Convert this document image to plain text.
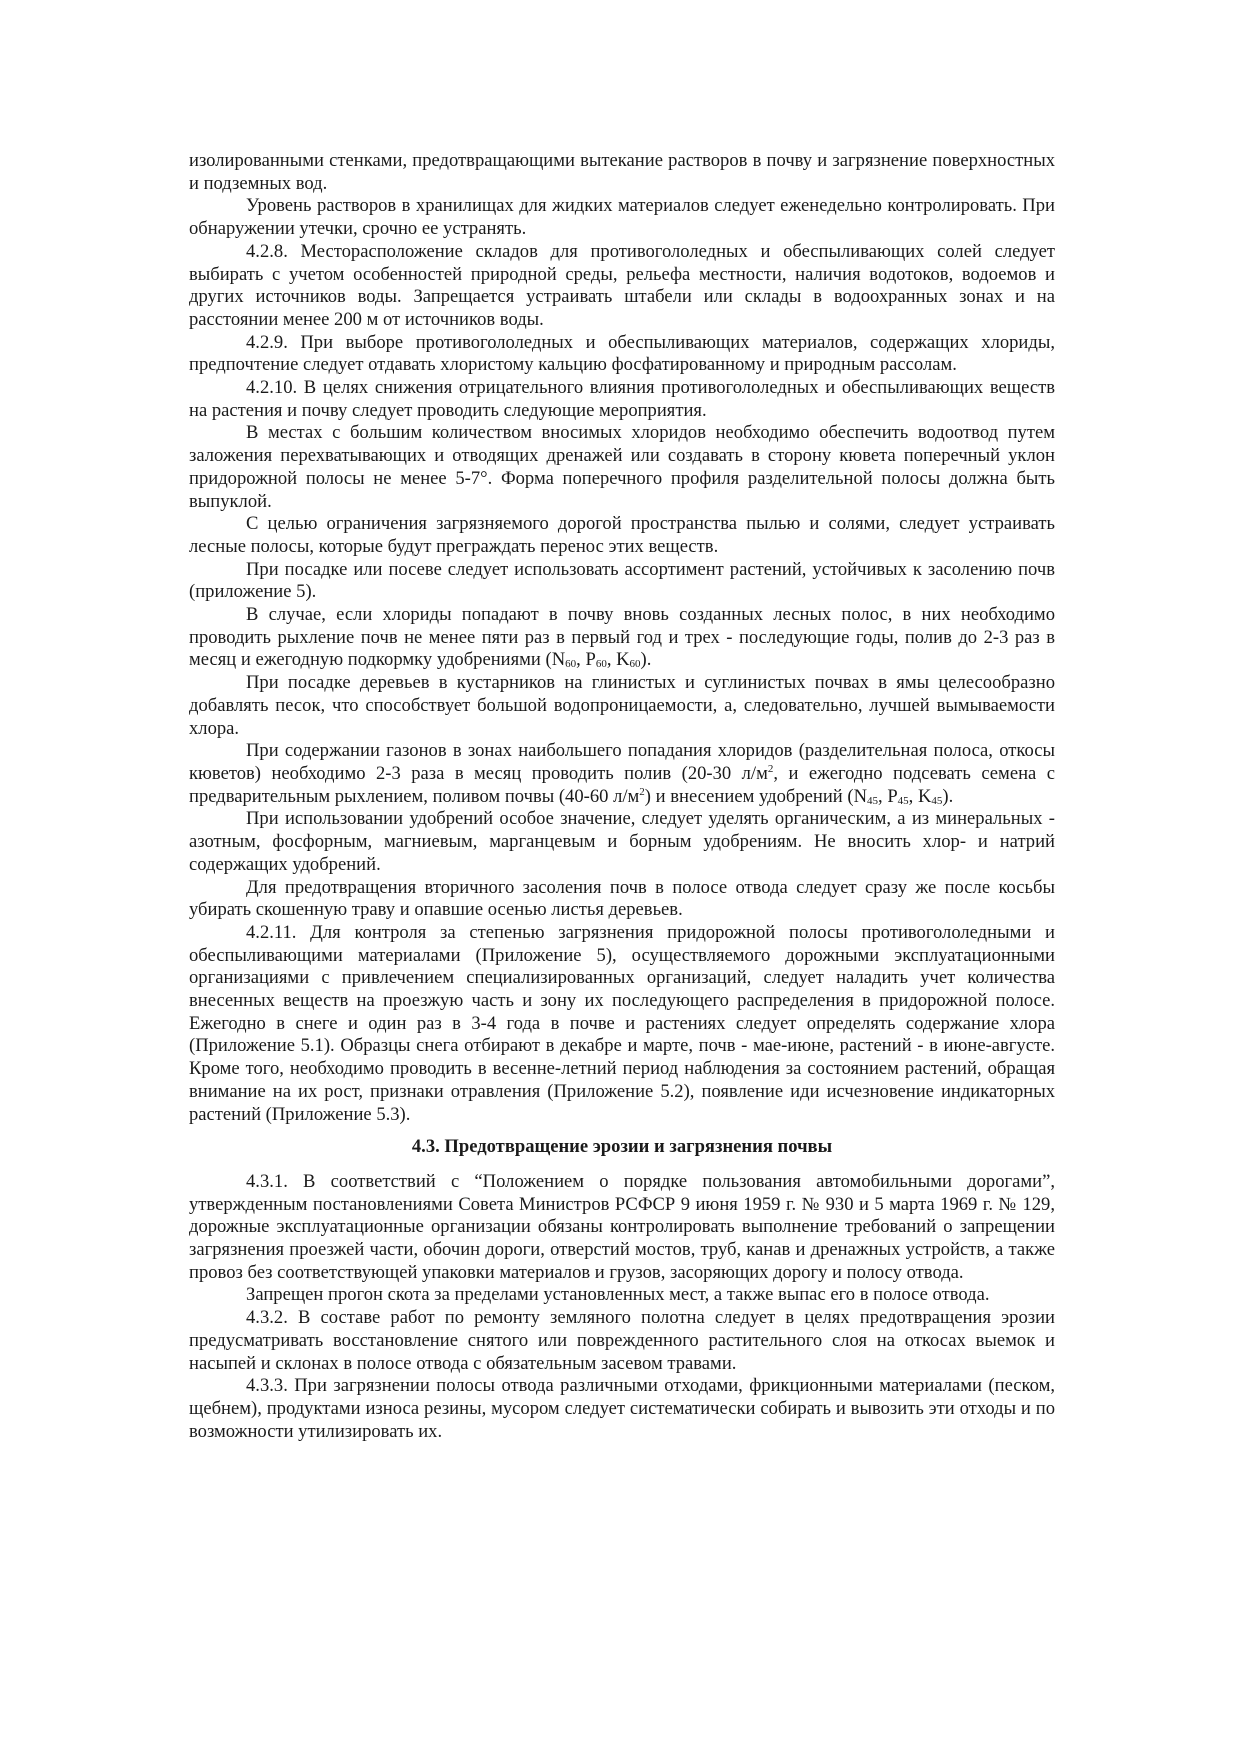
изолированными стенками, предотвращающими вытекание растворов в почву и загрязнение поверхностных и подземных вод.

Уровень растворов в хранилищах для жидких материалов следует еженедельно контролировать. При обнаружении утечки, срочно ее устранять.

4.2.8. Месторасположение складов для противогололедных и обеспыливающих солей следует выбирать с учетом особенностей природной среды, рельефа местности, наличия водотоков, водоемов и других источников воды. Запрещается устраивать штабели или склады в водоохранных зонах и на расстоянии менее 200 м от источников воды.

4.2.9. При выборе противогололедных и обеспыливающих материалов, содержащих хлориды, предпочтение следует отдавать хлористому кальцию фосфатированному и природным рассолам.

4.2.10. В целях снижения отрицательного влияния противогололедных и обеспыливающих веществ на растения и почву следует проводить следующие мероприятия.

В местах с большим количеством вносимых хлоридов необходимо обеспечить водоотвод путем заложения перехватывающих и отводящих дренажей или создавать в сторону кювета поперечный уклон придорожной полосы не менее 5-7°. Форма поперечного профиля разделительной полосы должна быть выпуклой.

С целью ограничения загрязняемого дорогой пространства пылью и солями, следует устраивать лесные полосы, которые будут преграждать перенос этих веществ.

При посадке или посеве следует использовать ассортимент растений, устойчивых к засолению почв (приложение 5).

В случае, если хлориды попадают в почву вновь созданных лесных полос, в них необходимо проводить рыхление почв не менее пяти раз в первый год и трех - последующие годы, полив до 2-3 раз в месяц и ежегодную подкормку удобрениями ($N_{60}$, $P_{60}$, $K_{60}$).

При посадке деревьев в кустарников на глинистых и суглинистых почвах в ямы целесообразно добавлять песок, что способствует большой водопроницаемости, а, следовательно, лучшей вымываемости хлора.

При содержании газонов в зонах наибольшего попадания хлоридов (разделительная полоса, откосы кюветов) необходимо 2-3 раза в месяц проводить полив (20-30 $л/м^2$, и ежегодно подсевать семена с предварительным рыхлением, поливом почвы (40-60 $л/м^2$) и внесением удобрений ($N_{45}$, $P_{45}$, $K_{45}$).

При использовании удобрений особое значение, следует уделять органическим, а из минеральных - азотным, фосфорным, магниевым, марганцевым и борным удобрениям. Не вносить хлор- и натрий содержащих удобрений.

Для предотвращения вторичного засоления почв в полосе отвода следует сразу же после косьбы убирать скошенную траву и опавшие осенью листья деревьев.

4.2.11. Для контроля за степенью загрязнения придорожной полосы противогололедными и обеспыливающими материалами (Приложение 5), осуществляемого дорожными эксплуатационными организациями с привлечением специализированных организаций, следует наладить учет количества внесенных веществ на проезжую часть и зону их последующего распределения в придорожной полосе. Ежегодно в снеге и один раз в 3-4 года в почве и растениях следует определять содержание хлора (Приложение 5.1). Образцы снега отбирают в декабре и марте, почв - мае-июне, растений - в июне-августе. Кроме того, необходимо проводить в весенне-летний период наблюдения за состоянием растений, обращая внимание на их рост, признаки отравления (Приложение 5.2), появление иди исчезновение индикаторных растений (Приложение 5.3).

4.3. Предотвращение эрозии и загрязнения почвы

4.3.1. В соответствий с “Положением о порядке пользования автомобильными дорогами”, утвержденным постановлениями Совета Министров РСФСР 9 июня 1959 г. № 930 и 5 марта 1969 г. № 129, дорожные эксплуатационные организации обязаны контролировать выполнение требований о запрещении загрязнения проезжей части, обочин дороги, отверстий мостов, труб, канав и дренажных устройств, а также провоз без соответствующей упаковки материалов и грузов, засоряющих дорогу и полосу отвода.

Запрещен прогон скота за пределами установленных мест, а также выпас его в полосе отвода.

4.3.2. В составе работ по ремонту земляного полотна следует в целях предотвращения эрозии предусматривать восстановление снятого или поврежденного растительного слоя на откосах выемок и насыпей и склонах в полосе отвода с обязательным засевом травами.

4.3.3. При загрязнении полосы отвода различными отходами, фрикционными материалами (песком, щебнем), продуктами износа резины, мусором следует систематически собирать и вывозить эти отходы и по возможности утилизировать их.
